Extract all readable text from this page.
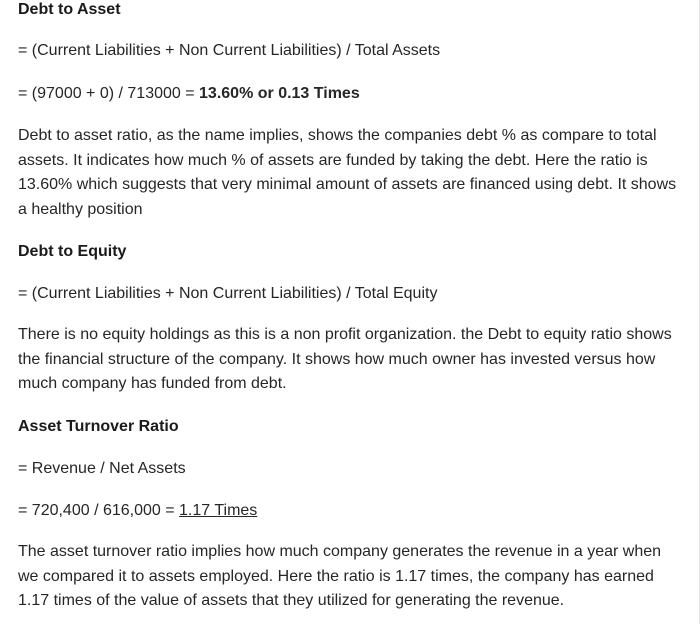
Debt to Asset
= (Current Liabilities + Non Current Liabilities) / Total Assets
= (97000 + 0) / 713000 = 13.60% or 0.13 Times
Debt to asset ratio, as the name implies, shows the companies debt % as compare to total assets. It indicates how much % of assets are funded by taking the debt. Here the ratio is 13.60% which suggests that very minimal amount of assets are financed using debt. It shows a healthy position
Debt to Equity
= (Current Liabilities + Non Current Liabilities) / Total Equity
There is no equity holdings as this is a non profit organization. the Debt to equity ratio shows the financial structure of the company. It shows how much owner has invested versus how much company has funded from debt.
Asset Turnover Ratio
= Revenue / Net Assets
= 720,400 / 616,000 = 1.17 Times
The asset turnover ratio implies how much company generates the revenue in a year when we compared it to assets employed. Here the ratio is 1.17 times, the company has earned 1.17 times of the value of assets that they utilized for generating the revenue.
